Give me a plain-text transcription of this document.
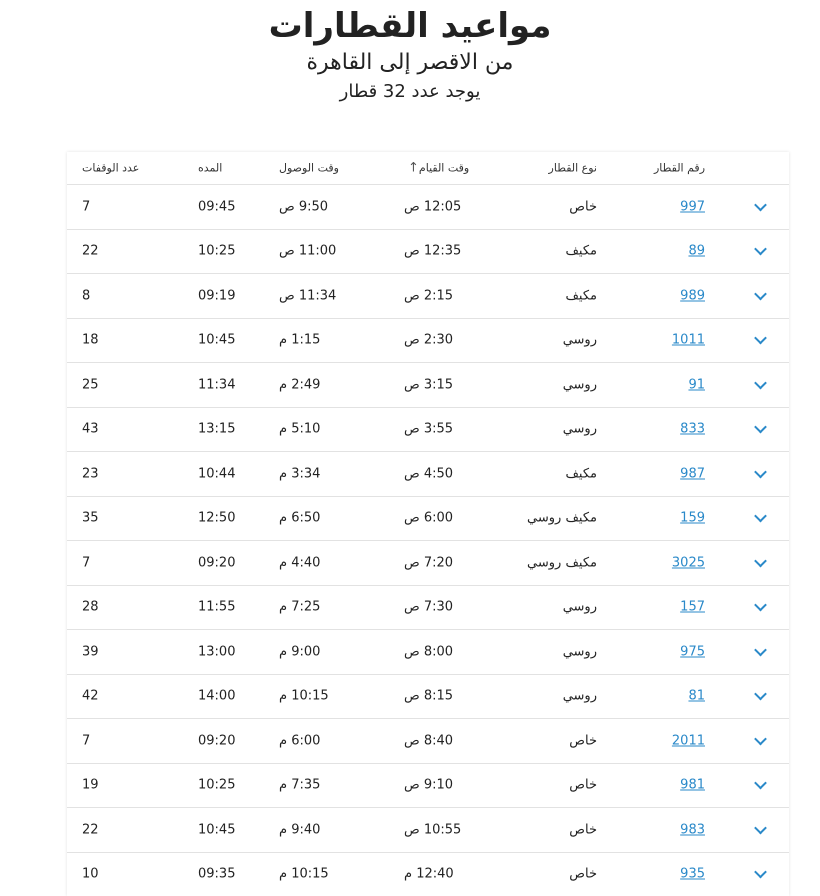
مواعيد القطارات

من الاقصر إلى القاهرة

يوجد عدد 32 قطار

عدد الوقفات	المده	وقت الوصول	وقت القيام↑	نوع القطار	رقم القطار
7	09:45	9:50 ص	12:05 ص	خاص	997
22	10:25	11:00 ص	12:35 ص	مكيف	89
8	09:19	11:34 ص	2:15 ص	مكيف	989
18	10:45	1:15 م	2:30 ص	روسي	1011
25	11:34	2:49 م	3:15 ص	روسي	91
43	13:15	5:10 م	3:55 ص	روسي	833
23	10:44	3:34 م	4:50 ص	مكيف	987
35	12:50	6:50 م	6:00 ص	مكيف روسي	159
7	09:20	4:40 م	7:20 ص	مكيف روسي	3025
28	11:55	7:25 م	7:30 ص	روسي	157
39	13:00	9:00 م	8:00 ص	روسي	975
42	14:00	10:15 م	8:15 ص	روسي	81
7	09:20	6:00 م	8:40 ص	خاص	2011
19	10:25	7:35 م	9:10 ص	خاص	981
22	10:45	9:40 م	10:55 ص	خاص	983
10	09:35	10:15 م	12:40 م	خاص	935
